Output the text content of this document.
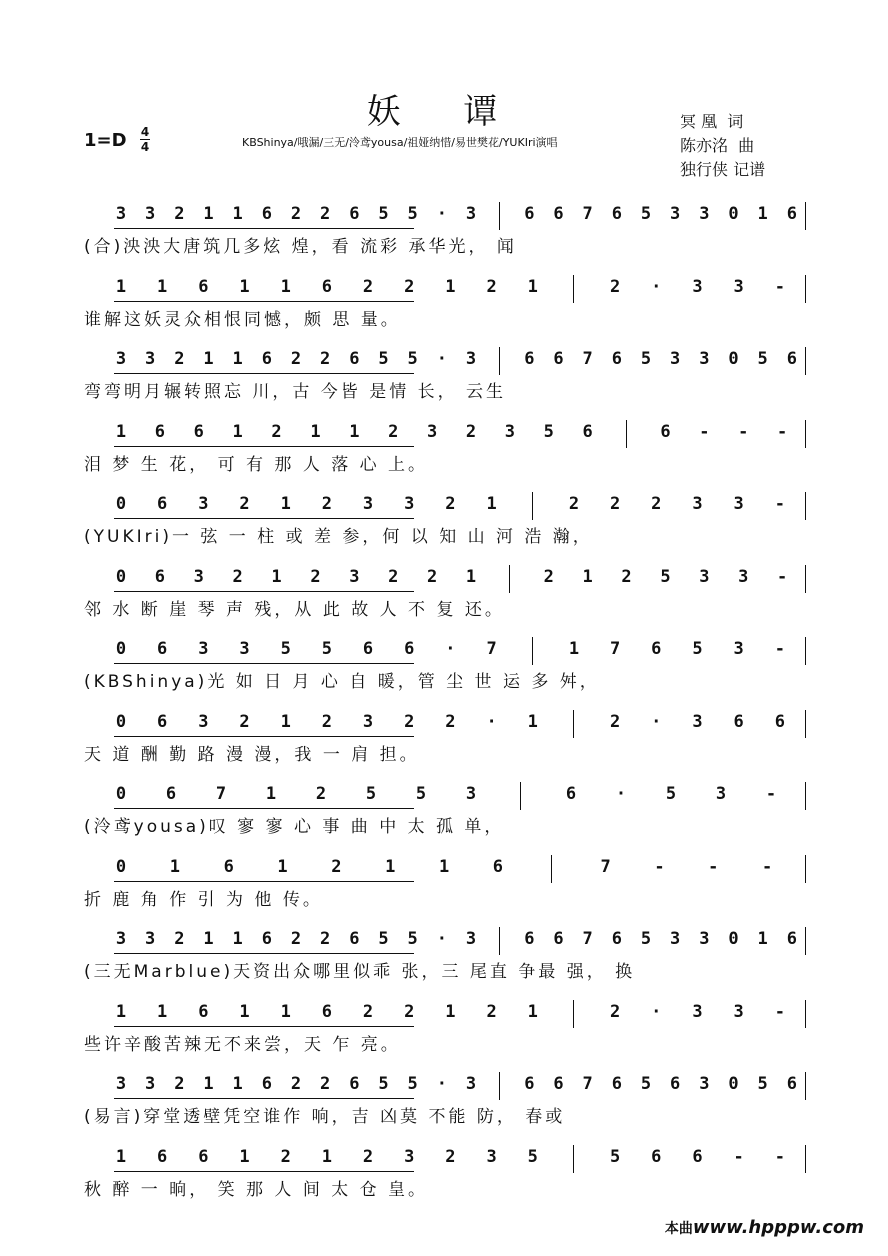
妖 谭
1=D 4
4	KBShinya/哦漏/三无/泠鸢yousa/祖娅纳惜/易世樊花/YUKIri演唱
冥 凰  词
陈亦洺  曲
独行侠 记谱
3 3 2 1 1 6 2 2 6 5 5 · 3	6 6 7 6 5 3 3 0 1 6
(合)泱泱大唐筑几多炫 煌，看 流彩 承华光， 闻
1 1 6 1 1 6 2 2 1 2 1	2 · 3 3 -
谁解这妖灵众相恨同憾，颇 思 量。
3 3 2 1 1 6 2 2 6 5 5 · 3	6 6 7 6 5 3 3 0 5 6
弯弯明月辗转照忘 川，古 今皆 是情 长， 云生
1 6 6 1 2 1 1 2 3 2 3 5 6	6 - - -
泪 梦 生 花， 可 有 那 人 落 心 上。
0 6 3 2 1 2 3 3 2 1	2 2 2 3 3 -
(YUKIri)一 弦 一 柱 或 差 参，何 以 知 山 河 浩 瀚，
0 6 3 2 1 2 3 2 2 1	2 1 2 5 3 3 -
邻 水 断 崖 琴 声 残，从 此 故 人 不 复 还。
0 6 3 3 5 5 6 6 · 7	1 7 6 5 3 -
(KBShinya)光 如 日 月 心 自 暖，管 尘 世 运 多 舛，
0 6 3 2 1 2 3 2 2 · 1	2 · 3 6 6
天 道 酬 勤 路 漫 漫，我 一 肩 担。
0 6 7 1 2 5 5 3	6 · 5 3 -
(泠鸢yousa)叹 寥 寥 心 事 曲 中 太 孤 单，
0	1	6	1	2	1	1	6	7	-	-	-
折 鹿 角 作 引 为 他 传。
3 3 2 1 1 6 2 2 6 5 5 · 3	6 6 7 6 5 3 3 0 1 6
(三无Marblue)天资出众哪里似乖 张，三 尾直 争最 强， 换
1 1 6 1 1 6 2 2 1 2 1	2 · 3 3 -
些许辛酸苦辣无不来尝，天 乍 亮。
3 3 2 1 1 6 2 2 6 5 5 · 3	6 6 7 6 5 6 3 0 5 6
(易言)穿堂透壁凭空谁作 响，吉 凶莫 不能 防， 春或
1 6 6 1 2 1 2 3 2 3 5	5 6 6 - -
秋 醉 一 晌， 笑 那 人 间 太 仓 皇。
本曲www.hpppw.com
